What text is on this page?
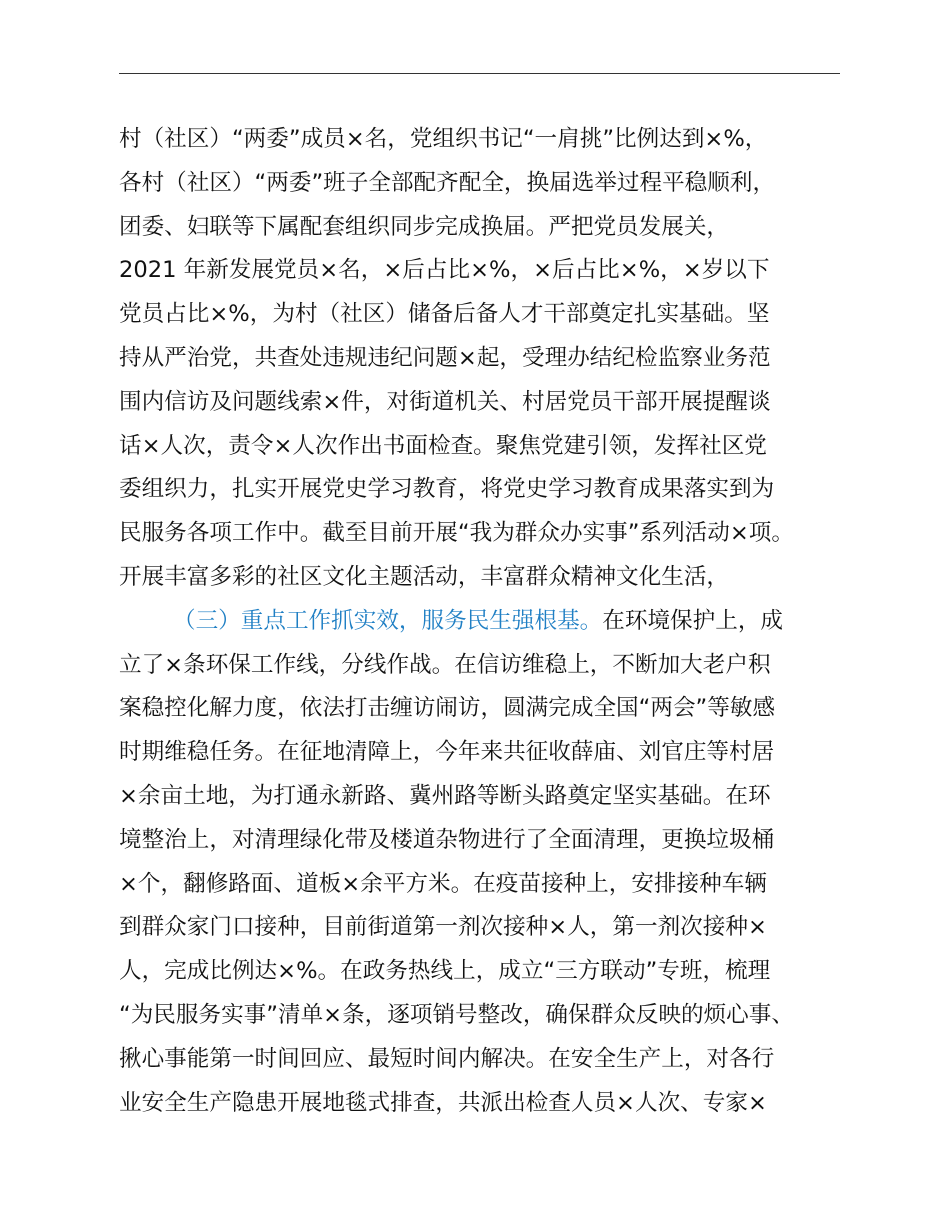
村（社区）“两委”成员×名，党组织书记“一肩挑”比例达到×%，
各村（社区）“两委”班子全部配齐配全，换届选举过程平稳顺利，
团委、妇联等下属配套组织同步完成换届。严把党员发展关，
2021 年新发展党员×名，×后占比×%，×后占比×%，×岁以下
党员占比×%，为村（社区）储备后备人才干部奠定扎实基础。坚
持从严治党，共查处违规违纪问题×起，受理办结纪检监察业务范
围内信访及问题线索×件，对街道机关、村居党员干部开展提醒谈
话×人次，责令×人次作出书面检查。聚焦党建引领，发挥社区党
委组织力，扎实开展党史学习教育，将党史学习教育成果落实到为
民服务各项工作中。截至目前开展“我为群众办实事”系列活动×项。
开展丰富多彩的社区文化主题活动，丰富群众精神文化生活，
（三）重点工作抓实效，服务民生强根基。在环境保护上，成
立了×条环保工作线，分线作战。在信访维稳上，不断加大老户积
案稳控化解力度，依法打击缠访闹访，圆满完成全国“两会”等敏感
时期维稳任务。在征地清障上，今年来共征收薛庙、刘官庄等村居
×余亩土地，为打通永新路、冀州路等断头路奠定坚实基础。在环
境整治上，对清理绿化带及楼道杂物进行了全面清理，更换垃圾桶
×个，翻修路面、道板×余平方米。在疫苗接种上，安排接种车辆
到群众家门口接种，目前街道第一剂次接种×人，第一剂次接种×
人，完成比例达×%。在政务热线上，成立“三方联动”专班，梳理
“为民服务实事”清单×条，逐项销号整改，确保群众反映的烦心事、
揪心事能第一时间回应、最短时间内解决。在安全生产上，对各行
业安全生产隐患开展地毯式排查，共派出检查人员×人次、专家×
